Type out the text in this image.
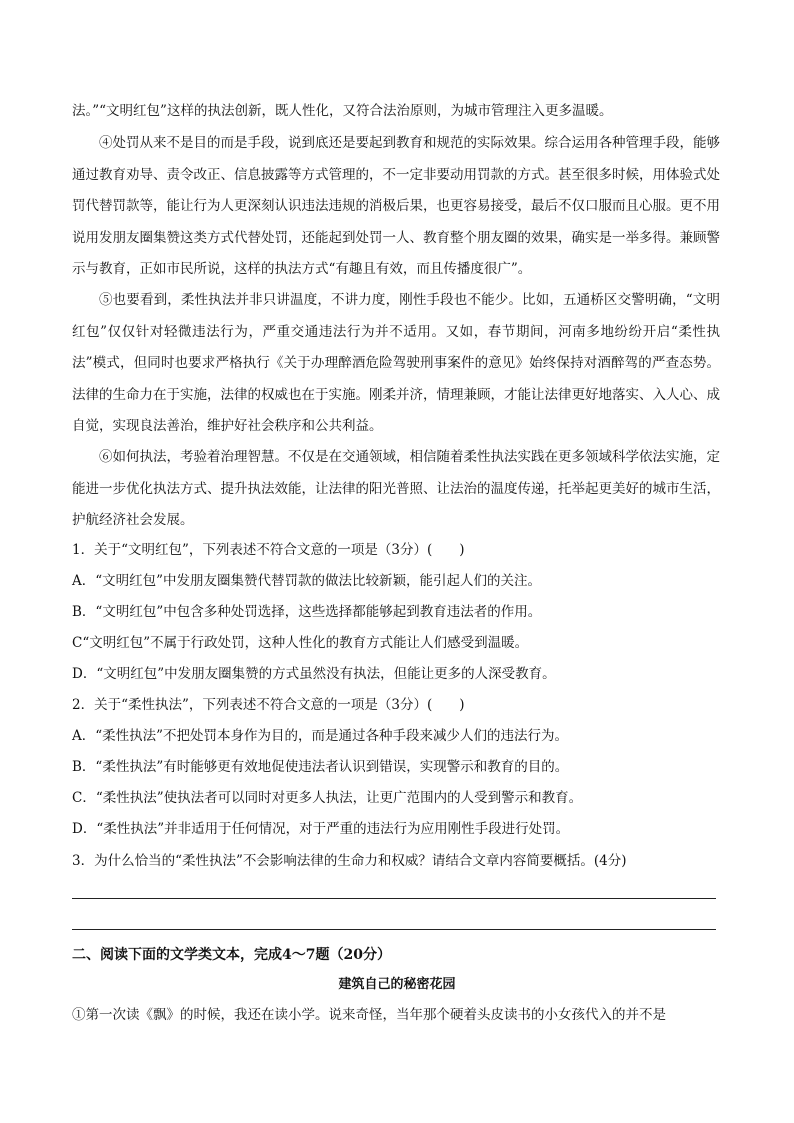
法。”“文明红包”这样的执法创新，既人性化，又符合法治原则，为城市管理注入更多温暖。

④处罚从来不是目的而是手段，说到底还是要起到教育和规范的实际效果。综合运用各种管理手段，能够通过教育劝导、责令改正、信息披露等方式管理的，不一定非要动用罚款的方式。甚至很多时候，用体验式处罚代替罚款等，能让行为人更深刻认识违法违规的消极后果，也更容易接受，最后不仅口服而且心服。更不用说用发朋友圈集赞这类方式代替处罚，还能起到处罚一人、教育整个朋友圈的效果，确实是一举多得。兼顾警示与教育，正如市民所说，这样的执法方式“有趣且有效，而且传播度很广”。

⑤也要看到，柔性执法并非只讲温度，不讲力度，刚性手段也不能少。比如，五通桥区交警明确，“文明红包”仅仅针对轻微违法行为，严重交通违法行为并不适用。又如，春节期间，河南多地纷纷开启“柔性执法”模式，但同时也要求严格执行《关于办理醉酒危险驾驶刑事案件的意见》始终保持对酒醉驾的严查态势。法律的生命力在于实施，法律的权威也在于实施。刚柔并济，情理兼顾，才能让法律更好地落实、入人心、成自觉，实现良法善治，维护好社会秩序和公共利益。

⑥如何执法，考验着治理智慧。不仅是在交通领域，相信随着柔性执法实践在更多领域科学依法实施，定能进一步优化执法方式、提升执法效能，让法律的阳光普照、让法治的温度传递，托举起更美好的城市生活，护航经济社会发展。

1．关于“文明红包”，下列表述不符合文意的一项是（3分）(　　)

A．“文明红包”中发朋友圈集赞代替罚款的做法比较新颖，能引起人们的关注。

B．“文明红包”中包含多种处罚选择，这些选择都能够起到教育违法者的作用。

C“文明红包”不属于行政处罚，这种人性化的教育方式能让人们感受到温暖。

D．“文明红包”中发朋友圈集赞的方式虽然没有执法，但能让更多的人深受教育。

2．关于“柔性执法”，下列表述不符合文意的一项是（3分）(　　)

A．“柔性执法”不把处罚本身作为目的，而是通过各种手段来减少人们的违法行为。

B．“柔性执法”有时能够更有效地促使违法者认识到错误，实现警示和教育的目的。

C．“柔性执法”使执法者可以同时对更多人执法，让更广范围内的人受到警示和教育。

D．“柔性执法”并非适用于任何情况，对于严重的违法行为应用刚性手段进行处罚。

3．为什么恰当的“柔性执法”不会影响法律的生命力和权威？请结合文章内容简要概括。(4分)

二、阅读下面的文学类文本，完成4～7题（20分）

建筑自己的秘密花园

①第一次读《飘》的时候，我还在读小学。说来奇怪，当年那个硬着头皮读书的小女孩代入的并不是
